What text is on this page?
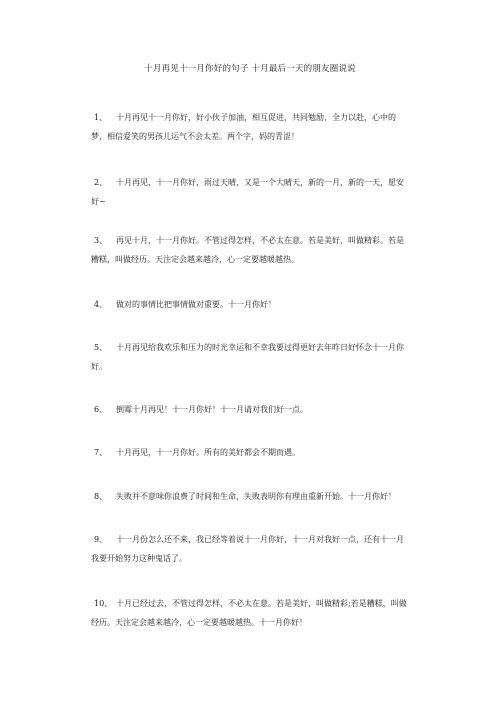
十月再见十一月你好的句子 十月最后一天的朋友圈说说
1、 十月再见十一月你好，好小伙子加油，相互促进，共同勉励，全力以赴，心中的梦，相信爱笑的男孩儿运气不会太差。两个字，妈的青涩！
2、 十月再见，十一月你好，雨过天晴，又是一个大晴天，新的一月，新的一天，愿安好~
3、 再见十月，十一月你好。不管过得怎样，不必太在意。若是美好，叫做精彩。若是糟糕，叫做经历。天注定会越来越冷，心一定要越暖越热。
4、 做对的事情比把事情做对重要。十一月你好！
5、 十月再见给我欢乐和压力的时光幸运和不幸我要过得更好去年昨日好怀念十一月你好。
6、 倒霉十月再见！十一月你好！十一月请对我们好一点。
7、 十月再见，十一月你好。所有的美好都会不期而遇。
8、 失败并不意味你浪费了时间和生命，失败表明你有理由重新开始。十一月你好！
9、 十一月份怎么还不来，我已经等着说十一月你好，十一月对我好一点，还有十一月我要开始努力这种鬼话了。
10、 十月已经过去，不管过得怎样，不必太在意。若是美好，叫做精彩;若是糟糕，叫做经历。天注定会越来越冷，心一定要越暖越热。十一月你好！
